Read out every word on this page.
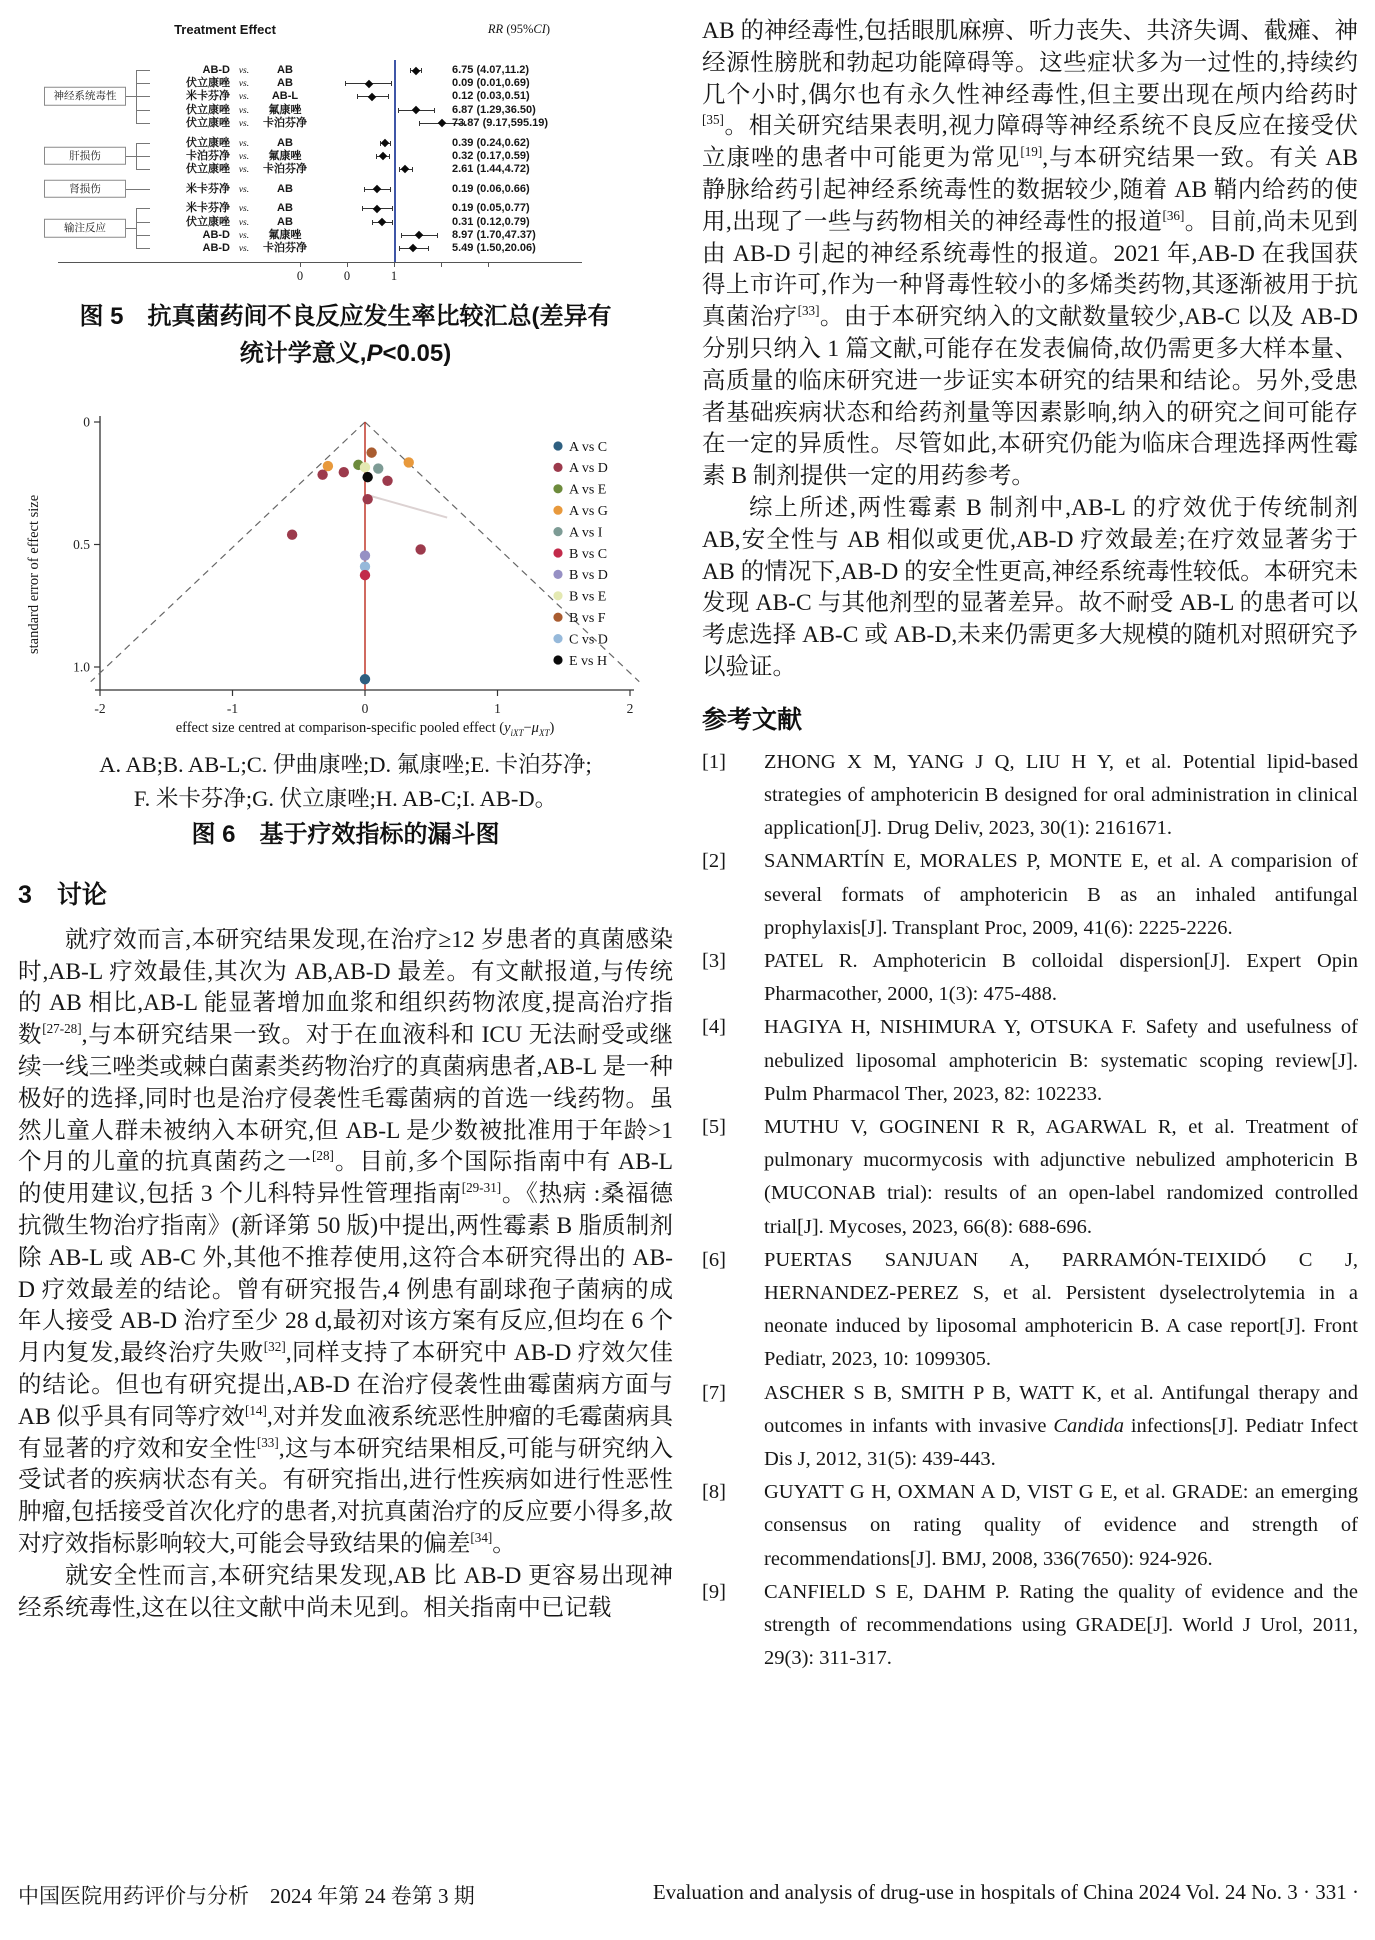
Treatment Effect	RR (95%CI)
AB-D vs.	AB	6.75 (4.07,11.2)
伏立康唑 vs.	AB	0.09 (0.01,0.69)
米卡芬净 vs.	AB-L	0.12 (0.03,0.51)
伏立康唑 vs.	氟康唑	6.87 (1.29,36.50)
伏立康唑 vs.	卡泊芬净	73.87 (9.17,595.19)
神经系统毒性
伏立康唑 vs.	AB	0.39 (0.24,0.62)
卡泊芬净 vs.	氟康唑	0.32 (0.17,0.59)
伏立康唑 vs.	卡泊芬净	2.61 (1.44,4.72)
肝损伤
米卡芬净 vs.	AB	0.19 (0.06,0.66)
肾损伤
米卡芬净 vs.	AB	0.19 (0.05,0.77)
伏立康唑 vs.	AB	0.31 (0.12,0.79)
AB-D vs.	氟康唑	8.97 (1.70,47.37)
AB-D vs.	卡泊芬净	5.49 (1.50,20.06)
输注反应
0	0	1
图 5　抗真菌药间不良反应发生率比较汇总(差异有
统计学意义,P<0.05)
standard error of effect size
0
0.5
1.0
-2	-1	0	1	2
A vs C
A vs D
A vs E
A vs G
A vs I
B vs C
B vs D
B vs E
B vs F
C vs D
E vs H
effect size centred at comparison-specific pooled effect $(y_{iXT}-\mu_{XT})$
A. AB;B. AB-L;C. 伊曲康唑;D. 氟康唑;E. 卡泊芬净;
F. 米卡芬净;G. 伏立康唑;H. AB-C;I. AB-D。
图 6　基于疗效指标的漏斗图
3　讨论

就疗效而言,本研究结果发现,在治疗≥12 岁患者的真菌感染时,AB-L 疗效最佳,其次为 AB,AB-D 最差。有文献报道,与传统的 AB 相比,AB-L 能显著增加血浆和组织药物浓度,提高治疗指数[27-28],与本研究结果一致。对于在血液科和 ICU 无法耐受或继续一线三唑类或棘白菌素类药物治疗的真菌病患者,AB-L 是一种极好的选择,同时也是治疗侵袭性毛霉菌病的首选一线药物。虽然儿童人群未被纳入本研究,但 AB-L 是少数被批准用于年龄>1 个月的儿童的抗真菌药之一[28]。目前,多个国际指南中有 AB-L 的使用建议,包括 3 个儿科特异性管理指南[29-31]。《热病 :桑福德抗微生物治疗指南》(新译第 50 版)中提出,两性霉素 B 脂质制剂除 AB-L 或 AB-C 外,其他不推荐使用,这符合本研究得出的 AB-D 疗效最差的结论。曾有研究报告,4 例患有副球孢子菌病的成年人接受 AB-D 治疗至少 28 d,最初对该方案有反应,但均在 6 个月内复发,最终治疗失败[32],同样支持了本研究中 AB-D 疗效欠佳的结论。但也有研究提出,AB-D 在治疗侵袭性曲霉菌病方面与 AB 似乎具有同等疗效[14],对并发血液系统恶性肿瘤的毛霉菌病具有显著的疗效和安全性[33],这与本研究结果相反,可能与研究纳入受试者的疾病状态有关。有研究指出,进行性疾病如进行性恶性肿瘤,包括接受首次化疗的患者,对抗真菌治疗的反应要小得多,故对疗效指标影响较大,可能会导致结果的偏差[34]。

就安全性而言,本研究结果发现,AB 比 AB-D 更容易出现神经系统毒性,这在以往文献中尚未见到。相关指南中已记载

AB 的神经毒性,包括眼肌麻痹、听力丧失、共济失调、截瘫、神经源性膀胱和勃起功能障碍等。这些症状多为一过性的,持续约几个小时,偶尔也有永久性神经毒性,但主要出现在颅内给药时[35]。相关研究结果表明,视力障碍等神经系统不良反应在接受伏立康唑的患者中可能更为常见[19],与本研究结果一致。有关 AB 静脉给药引起神经系统毒性的数据较少,随着 AB 鞘内给药的使用,出现了一些与药物相关的神经毒性的报道[36]。目前,尚未见到由 AB-D 引起的神经系统毒性的报道。2021 年,AB-D 在我国获得上市许可,作为一种肾毒性较小的多烯类药物,其逐渐被用于抗真菌治疗[33]。由于本研究纳入的文献数量较少,AB-C 以及 AB-D 分别只纳入 1 篇文献,可能存在发表偏倚,故仍需更多大样本量、高质量的临床研究进一步证实本研究的结果和结论。另外,受患者基础疾病状态和给药剂量等因素影响,纳入的研究之间可能存在一定的异质性。尽管如此,本研究仍能为临床合理选择两性霉素 B 制剂提供一定的用药参考。

综上所述,两性霉素 B 制剂中,AB-L 的疗效优于传统制剂 AB,安全性与 AB 相似或更优,AB-D 疗效最差;在疗效显著劣于 AB 的情况下,AB-D 的安全性更高,神经系统毒性较低。本研究未发现 AB-C 与其他剂型的显著差异。故不耐受 AB-L 的患者可以考虑选择 AB-C 或 AB-D,未来仍需更多大规模的随机对照研究予以验证。

参考文献
[1]	ZHONG X M, YANG J Q, LIU H Y, et al. Potential lipid-based strategies of amphotericin B designed for oral administration in clinical application[J]. Drug Deliv, 2023, 30(1): 2161671.
[2]	SANMARTÍN E, MORALES P, MONTE E, et al. A comparision of several formats of amphotericin B as an inhaled antifungal prophylaxis[J]. Transplant Proc, 2009, 41(6): 2225-2226.
[3]	PATEL R. Amphotericin B colloidal dispersion[J]. Expert Opin Pharmacother, 2000, 1(3): 475-488.
[4]	HAGIYA H, NISHIMURA Y, OTSUKA F. Safety and usefulness of nebulized liposomal amphotericin B: systematic scoping review[J]. Pulm Pharmacol Ther, 2023, 82: 102233.
[5]	MUTHU V, GOGINENI R R, AGARWAL R, et al. Treatment of pulmonary mucormycosis with adjunctive nebulized amphotericin B (MUCONAB trial): results of an open-label randomized controlled trial[J]. Mycoses, 2023, 66(8): 688-696.
[6]	PUERTAS SANJUAN A, PARRAMÓN-TEIXIDÓ C J, HERNANDEZ-PEREZ S, et al. Persistent dyselectrolytemia in a neonate induced by liposomal amphotericin B. A case report[J]. Front Pediatr, 2023, 10: 1099305.
[7]	ASCHER S B, SMITH P B, WATT K, et al. Antifungal therapy and outcomes in infants with invasive Candida infections[J]. Pediatr Infect Dis J, 2012, 31(5): 439-443.
[8]	GUYATT G H, OXMAN A D, VIST G E, et al. GRADE: an emerging consensus on rating quality of evidence and strength of recommendations[J]. BMJ, 2008, 336(7650): 924-926.
[9]	CANFIELD S E, DAHM P. Rating the quality of evidence and the strength of recommendations using GRADE[J]. World J Urol, 2011, 29(3): 311-317.
中国医院用药评价与分析　2024 年第 24 卷第 3 期	Evaluation and analysis of drug-use in hospitals of China 2024 Vol. 24 No. 3 · 331 ·
